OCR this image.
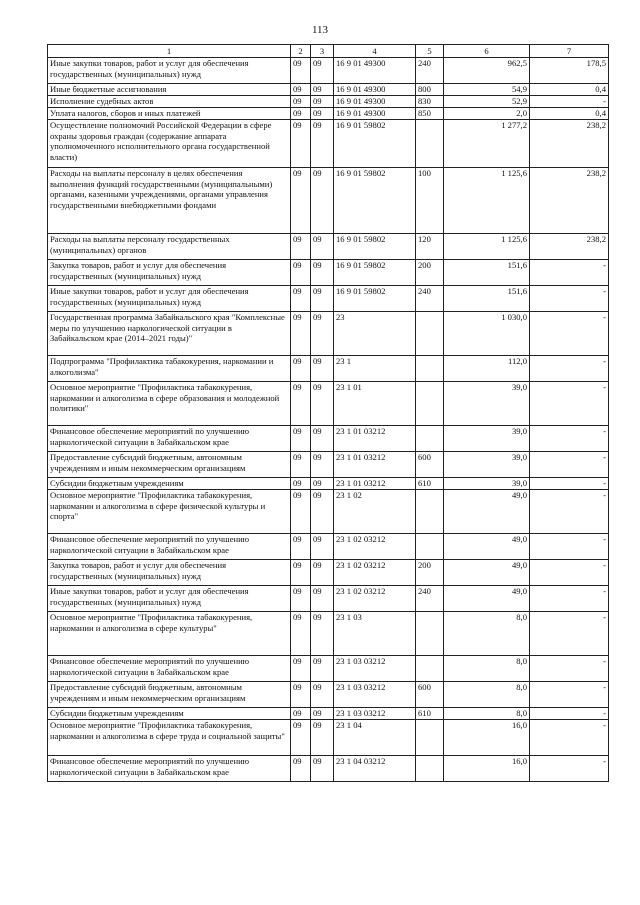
113
1	2	3	4	5	6	7
Иные закупки товаров, работ и услуг для обеспечения государственных (муниципальных) нужд	09	09	16 9 01 49300	240	962,5	178,5
Иные бюджетные ассигнования	09	09	16 9 01 49300	800	54,9	0,4
Исполнение судебных актов	09	09	16 9 01 49300	830	52,9	-
Уплата налогов, сборов и иных платежей	09	09	16 9 01 49300	850	2,0	0,4
Осуществление полномочий Российской Федерации в сфере охраны здоровья граждан (содержание аппарата уполномоченного исполнительного органа государственной власти)	09	09	16 9 01 59802		1 277,2	238,2
Расходы на выплаты персоналу в целях обеспечения выполнения функций государственными (муниципальными) органами, казенными учреждениями, органами управления государственными внебюджетными фондами	09	09	16 9 01 59802	100	1 125,6	238,2
Расходы на выплаты персоналу государственных (муниципальных) органов	09	09	16 9 01 59802	120	1 125,6	238,2
Закупка товаров, работ и услуг для обеспечения государственных (муниципальных) нужд	09	09	16 9 01 59802	200	151,6	-
Иные закупки товаров, работ и услуг для обеспечения государственных (муниципальных) нужд	09	09	16 9 01 59802	240	151,6	-
Государственная программа Забайкальского края "Комплексные меры по улучшению наркологической ситуации в Забайкальском крае (2014–2021 годы)"	09	09	23		1 030,0	-
Подпрограмма "Профилактика табакокурения, наркомании и алкоголизма"	09	09	23 1		112,0	-
Основное мероприятие "Профилактика табакокурения, наркомании и алкоголизма в сфере образования и молодежной политики"	09	09	23 1 01		39,0	-
Финансовое обеспечение мероприятий по улучшению наркологической ситуации в Забайкальском крае	09	09	23 1 01 03212		39,0	-
Предоставление субсидий бюджетным, автономным учреждениям и иным некоммерческим организациям	09	09	23 1 01 03212	600	39,0	-
Субсидии бюджетным учреждениям	09	09	23 1 01 03212	610	39,0	-
Основное мероприятие "Профилактика табакокурения, наркомании и алкоголизма в сфере физической культуры и спорта"	09	09	23 1 02		49,0	-
Финансовое обеспечение мероприятий по улучшению наркологической ситуации в Забайкальском крае	09	09	23 1 02 03212		49,0	-
Закупка товаров, работ и услуг для обеспечения государственных (муниципальных) нужд	09	09	23 1 02 03212	200	49,0	-
Иные закупки товаров, работ и услуг для обеспечения государственных (муниципальных) нужд	09	09	23 1 02 03212	240	49,0	-
Основное мероприятие "Профилактика табакокурения, наркомании и алкоголизма в сфере культуры"	09	09	23 1 03		8,0	-
Финансовое обеспечение мероприятий по улучшению наркологической ситуации в Забайкальском крае	09	09	23 1 03 03212		8,0	-
Предоставление субсидий бюджетным, автономным учреждениям и иным некоммерческим организациям	09	09	23 1 03 03212	600	8,0	-
Субсидии бюджетным учреждениям	09	09	23 1 03 03212	610	8,0	-
Основное мероприятие "Профилактика табакокурения, наркомании и алкоголизма в сфере труда и социальной защиты"	09	09	23 1 04		16,0	-
Финансовое обеспечение мероприятий по улучшению наркологической ситуации в Забайкальском крае	09	09	23 1 04 03212		16,0	-
